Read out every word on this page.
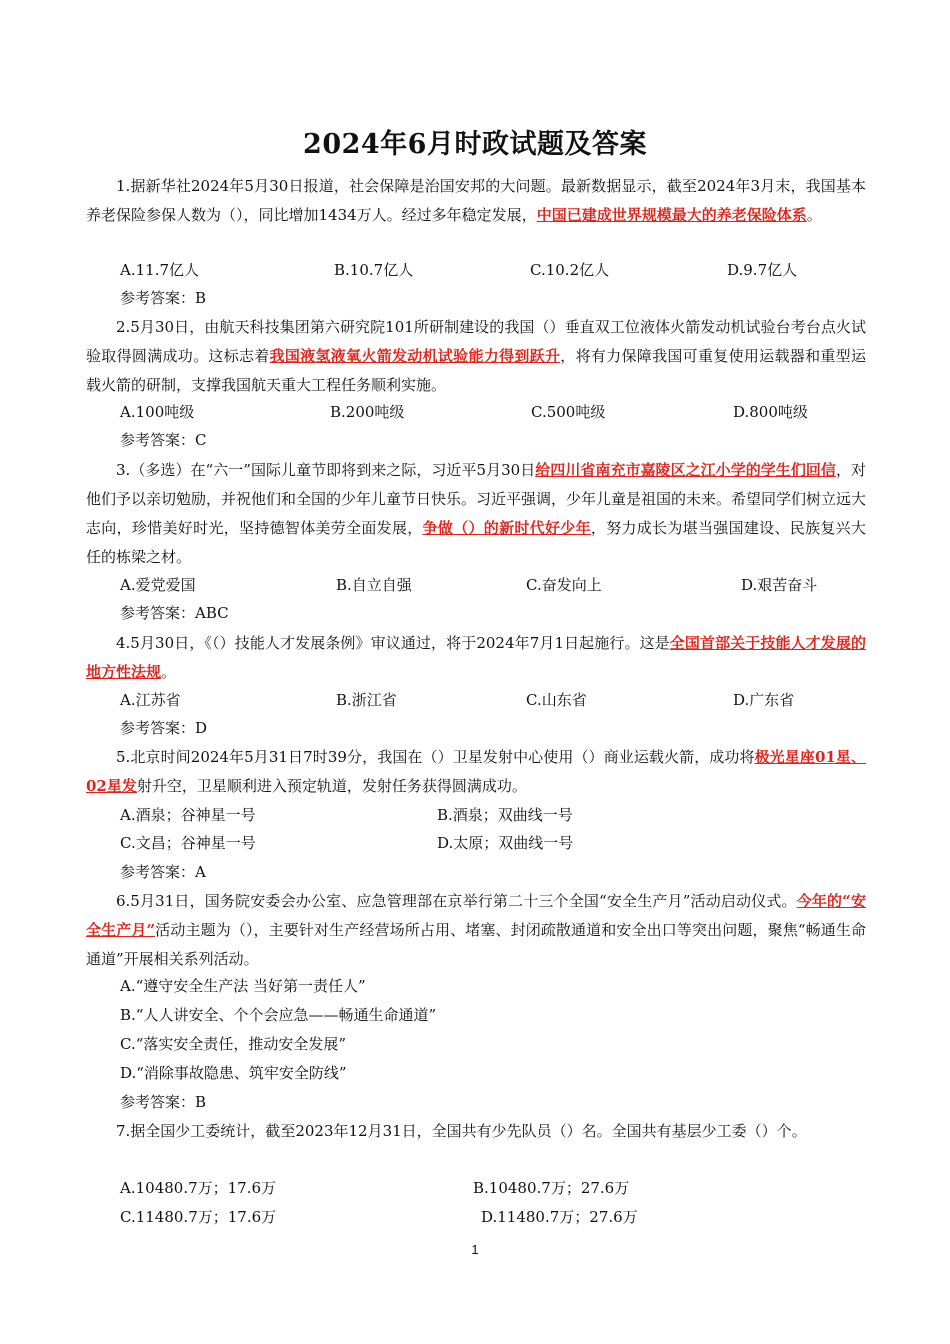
2024年6月时政试题及答案

1.据新华社2024年5月30日报道，社会保障是治国安邦的大问题。最新数据显示，截至2024年3月末，我国基本养老保险参保人数为（），同比增加1434万人。经过多年稳定发展，中国已建成世界规模最大的养老保险体系。

A.11.7亿人	B.10.7亿人	C.10.2亿人	D.9.7亿人
参考答案：B

2.5月30日，由航天科技集团第六研究院101所研制建设的我国（）垂直双工位液体火箭发动机试验台考台点火试验取得圆满成功。这标志着我国液氢液氧火箭发动机试验能力得到跃升，将有力保障我国可重复使用运载器和重型运载火箭的研制，支撑我国航天重大工程任务顺利实施。

A.100吨级	B.200吨级	C.500吨级	D.800吨级
参考答案：C

3.（多选）在“六一”国际儿童节即将到来之际，习近平5月30日给四川省南充市嘉陵区之江小学的学生们回信，对他们予以亲切勉励，并祝他们和全国的少年儿童节日快乐。习近平强调，少年儿童是祖国的未来。希望同学们树立远大志向，珍惜美好时光，坚持德智体美劳全面发展，争做（）的新时代好少年，努力成长为堪当强国建设、民族复兴大任的栋梁之材。

A.爱党爱国	B.自立自强	C.奋发向上	D.艰苦奋斗
参考答案：ABC

4.5月30日，《（）技能人才发展条例》审议通过，将于2024年7月1日起施行。这是全国首部关于技能人才发展的地方性法规。

A.江苏省	B.浙江省	C.山东省	D.广东省
参考答案：D

5.北京时间2024年5月31日7时39分，我国在（）卫星发射中心使用（）商业运载火箭，成功将极光星座01星、02星发射升空，卫星顺利进入预定轨道，发射任务获得圆满成功。

A.酒泉；谷神星一号	B.酒泉；双曲线一号
C.文昌；谷神星一号	D.太原；双曲线一号
参考答案：A

6.5月31日，国务院安委会办公室、应急管理部在京举行第二十三个全国“安全生产月”活动启动仪式。今年的“安全生产月”活动主题为（），主要针对生产经营场所占用、堵塞、封闭疏散通道和安全出口等突出问题，聚焦“畅通生命通道”开展相关系列活动。

A.“遵守安全生产法 当好第一责任人”
B.“人人讲安全、个个会应急——畅通生命通道”
C.“落实安全责任，推动安全发展”
D.“消除事故隐患、筑牢安全防线”
参考答案：B

7.据全国少工委统计，截至2023年12月31日，全国共有少先队员（）名。全国共有基层少工委（）个。

A.10480.7万；17.6万	B.10480.7万；27.6万
C.11480.7万；17.6万	D.11480.7万；27.6万
1
